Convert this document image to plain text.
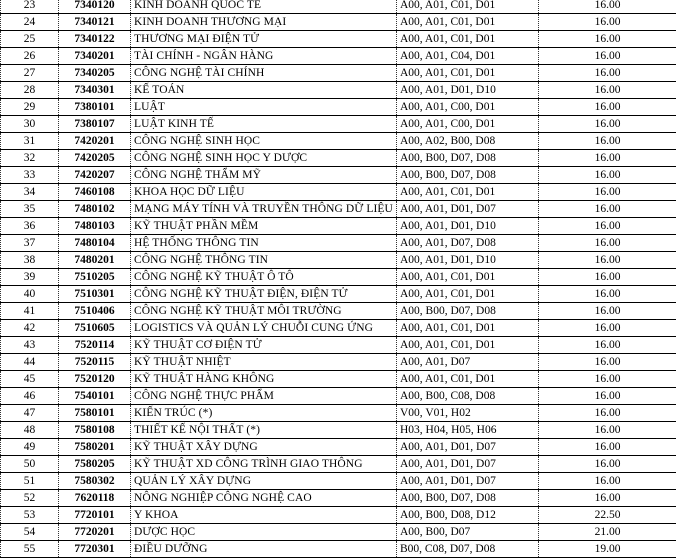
23	7340120	KINH DOANH QUỐC TẾ	A00, A01, C01, D01	16.00
24	7340121	KINH DOANH THƯƠNG MẠI	A00, A01, C01, D01	16.00
25	7340122	THƯƠNG MẠI ĐIỆN TỬ	A00, A01, C01, D01	16.00
26	7340201	TÀI CHÍNH - NGÂN HÀNG	A00, A01, C04, D01	16.00
27	7340205	CÔNG NGHỆ TÀI CHÍNH	A00, A01, C01, D01	16.00
28	7340301	KẾ TOÁN	A00, A01, D01, D10	16.00
29	7380101	LUẬT	A00, A01, C00, D01	16.00
30	7380107	LUẬT KINH TẾ	A00, A01, C00, D01	16.00
31	7420201	CÔNG NGHỆ SINH HỌC	A00, A02, B00, D08	16.00
32	7420205	CÔNG NGHỆ SINH HỌC Y DƯỢC	A00, B00, D07, D08	16.00
33	7420207	CÔNG NGHỆ THẨM MỸ	A00, B00, D07, D08	16.00
34	7460108	KHOA HỌC DỮ LIỆU	A00, A01, C01, D01	16.00
35	7480102	MẠNG MÁY TÍNH VÀ TRUYỀN THÔNG DỮ LIỆU	A00, A01, D01, D07	16.00
36	7480103	KỸ THUẬT PHẦN MỀM	A00, A01, D01, D10	16.00
37	7480104	HỆ THỐNG THÔNG TIN	A00, A01, D07, D08	16.00
38	7480201	CÔNG NGHỆ THÔNG TIN	A00, A01, D01, D10	16.00
39	7510205	CÔNG NGHỆ KỸ THUẬT Ô TÔ	A00, A01, C01, D01	16.00
40	7510301	CÔNG NGHỆ KỸ THUẬT ĐIỆN, ĐIỆN TỬ	A00, A01, C01, D01	16.00
41	7510406	CÔNG NGHỆ KỸ THUẬT MÔI TRƯỜNG	A00, B00, D07, D08	16.00
42	7510605	LOGISTICS VÀ QUẢN LÝ CHUỖI CUNG ỨNG	A00, A01, C01, D01	16.00
43	7520114	KỸ THUẬT CƠ ĐIỆN TỬ	A00, A01, C01, D01	16.00
44	7520115	KỸ THUẬT NHIỆT	A00, A01, D07	16.00
45	7520120	KỸ THUẬT HÀNG KHÔNG	A00, A01, C01, D01	16.00
46	7540101	CÔNG NGHỆ THỰC PHẨM	A00, B00, C08, D08	16.00
47	7580101	KIẾN TRÚC (*)	V00, V01, H02	16.00
48	7580108	THIẾT KẾ NỘI THẤT (*)	H03, H04, H05, H06	16.00
49	7580201	KỸ THUẬT XÂY DỰNG	A00, A01, D01, D07	16.00
50	7580205	KỸ THUẬT XD CÔNG TRÌNH GIAO THÔNG	A00, A01, D01, D07	16.00
51	7580302	QUẢN LÝ XÂY DỰNG	A00, A01, D01, D07	16.00
52	7620118	NÔNG NGHIỆP CÔNG NGHỆ CAO	A00, B00, D07, D08	16.00
53	7720101	Y KHOA	A00, B00, D08, D12	22.50
54	7720201	DƯỢC HỌC	A00, B00, D07	21.00
55	7720301	ĐIỀU DƯỠNG	B00, C08, D07, D08	19.00
